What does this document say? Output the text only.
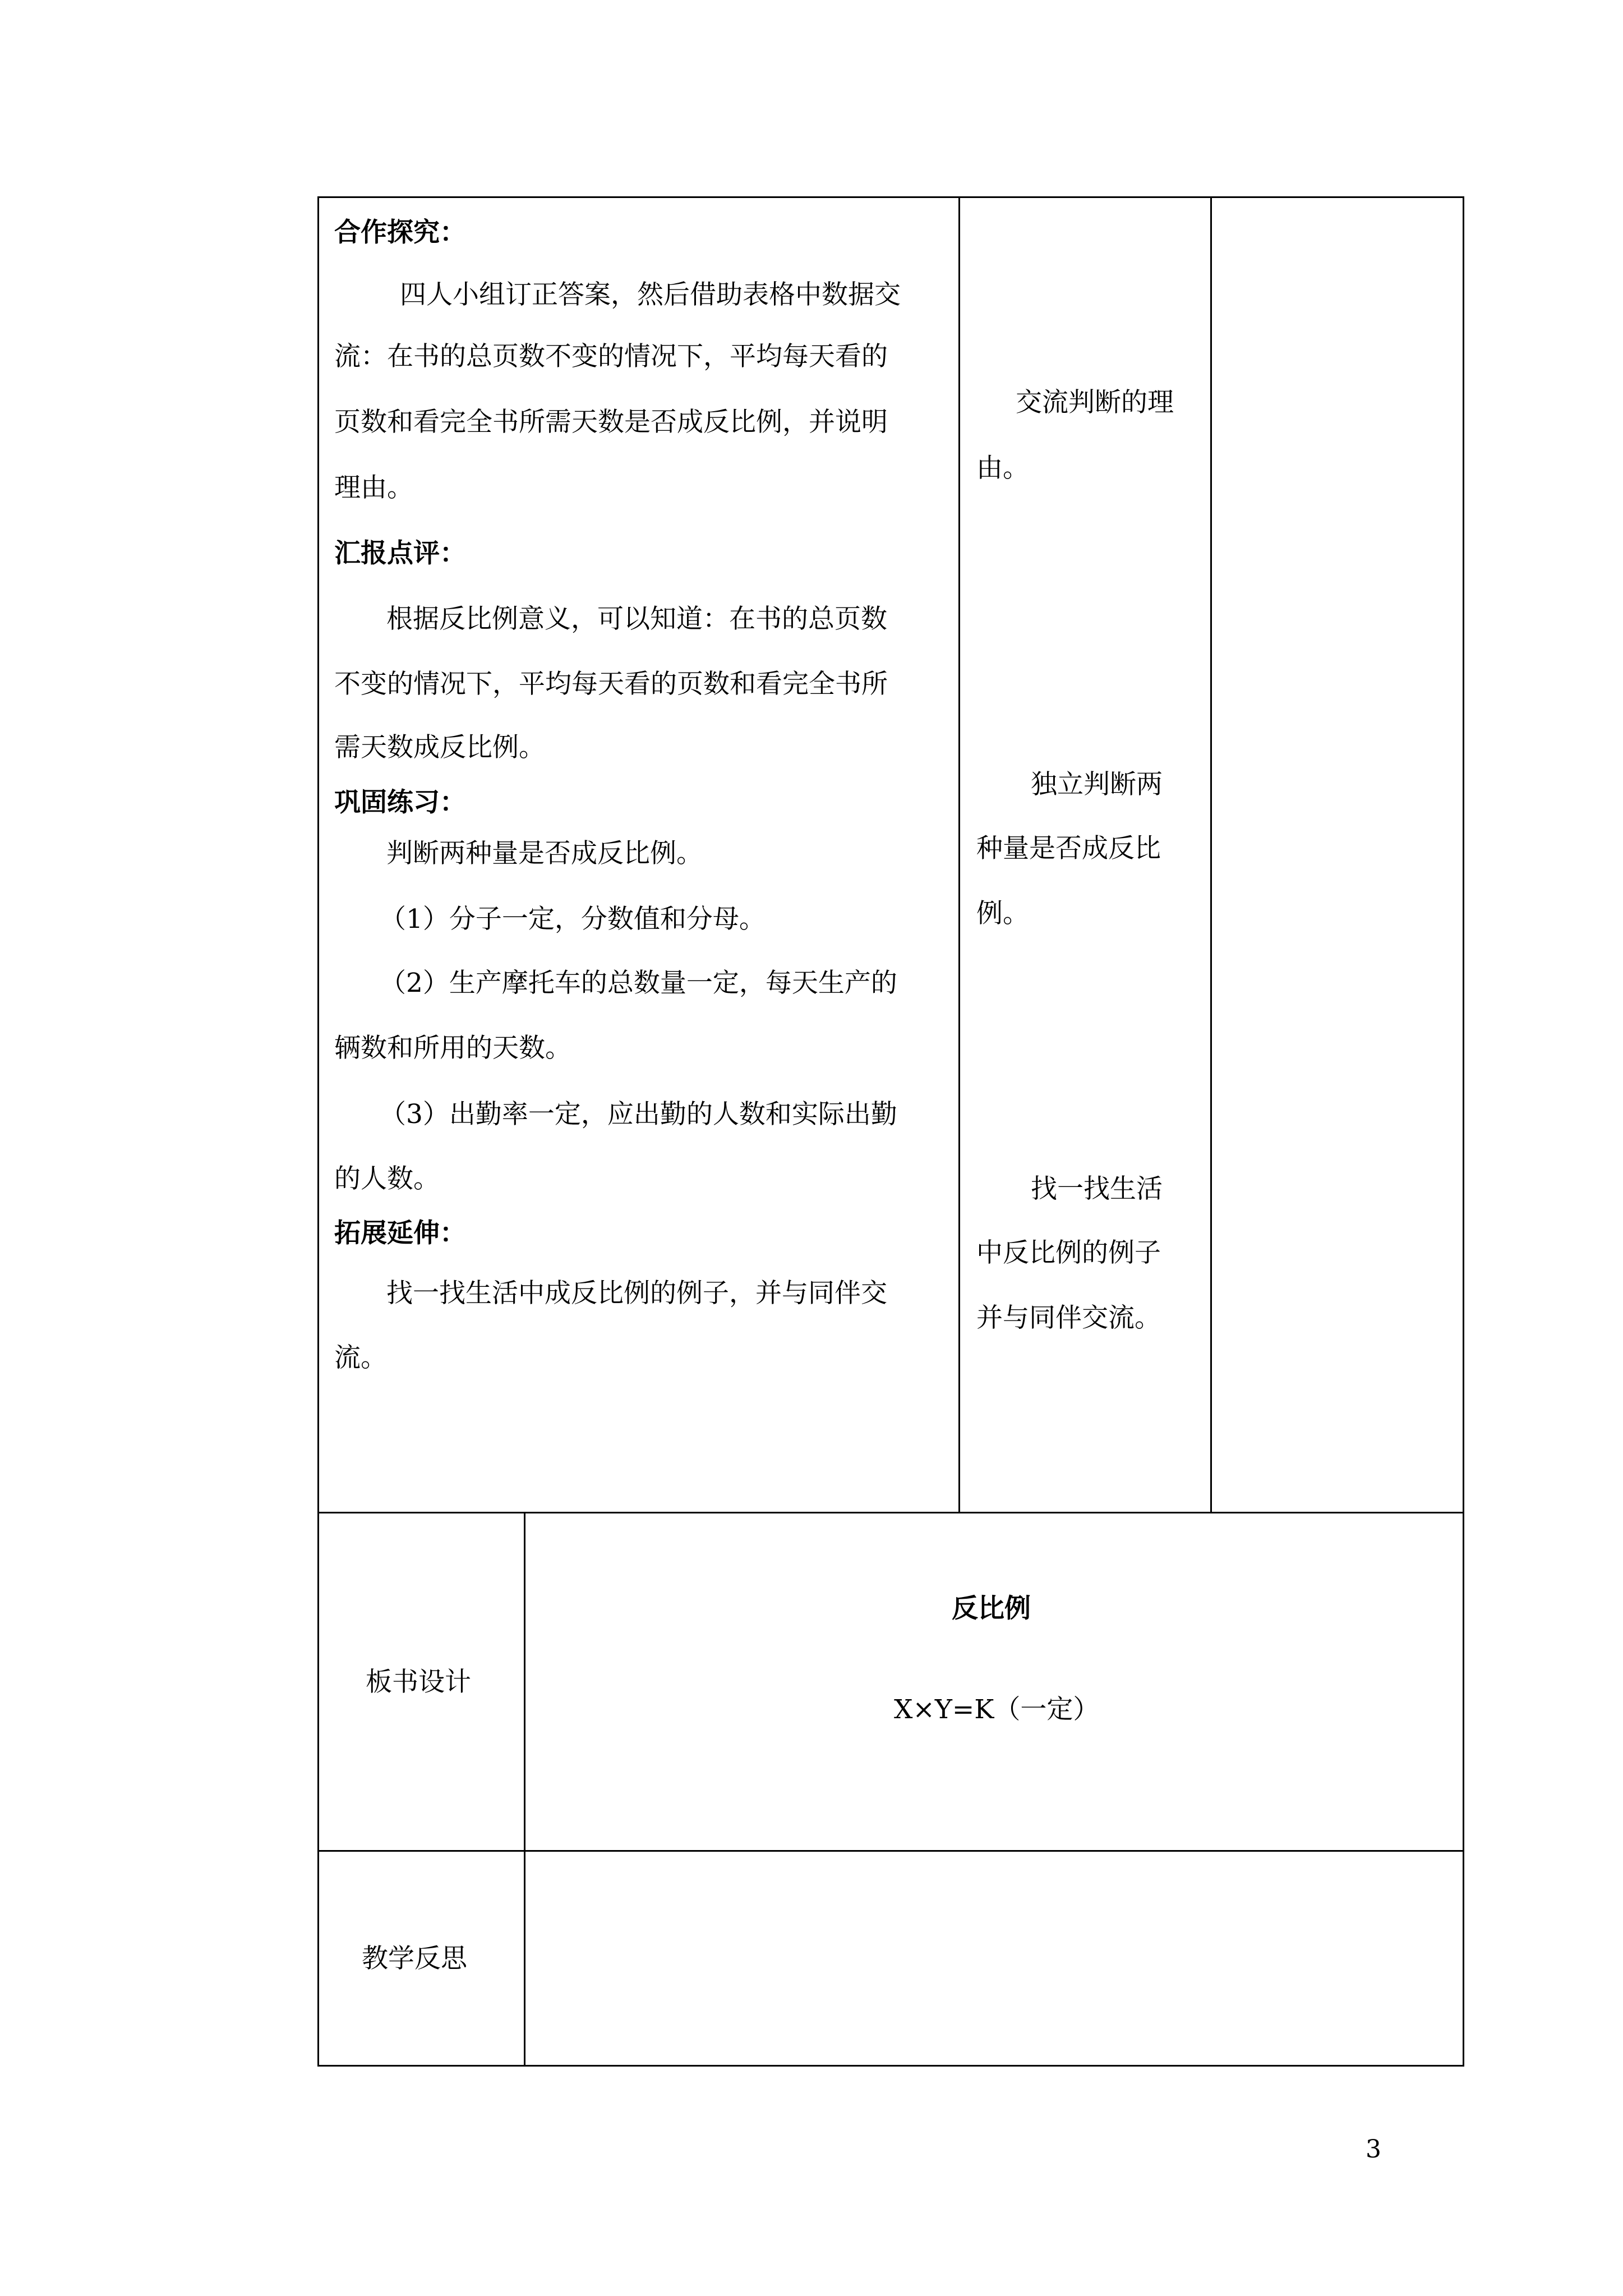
合作探究：
四人小组订正答案，然后借助表格中数据交
流：在书的总页数不变的情况下，平均每天看的
页数和看完全书所需天数是否成反比例，并说明
理由。
汇报点评：
根据反比例意义，可以知道：在书的总页数
不变的情况下，平均每天看的页数和看完全书所
需天数成反比例。
巩固练习：
判断两种量是否成反比例。
（1）分子一定，分数值和分母。
（2）生产摩托车的总数量一定，每天生产的
辆数和所用的天数。
（3）出勤率一定，应出勤的人数和实际出勤
的人数。
拓展延伸：
找一找生活中成反比例的例子，并与同伴交
流。
交流判断的理
由。
独立判断两
种量是否成反比
例。
找一找生活
中反比例的例子
并与同伴交流。
板书设计
反比例
X×Y=K（一定）
教学反思
3
